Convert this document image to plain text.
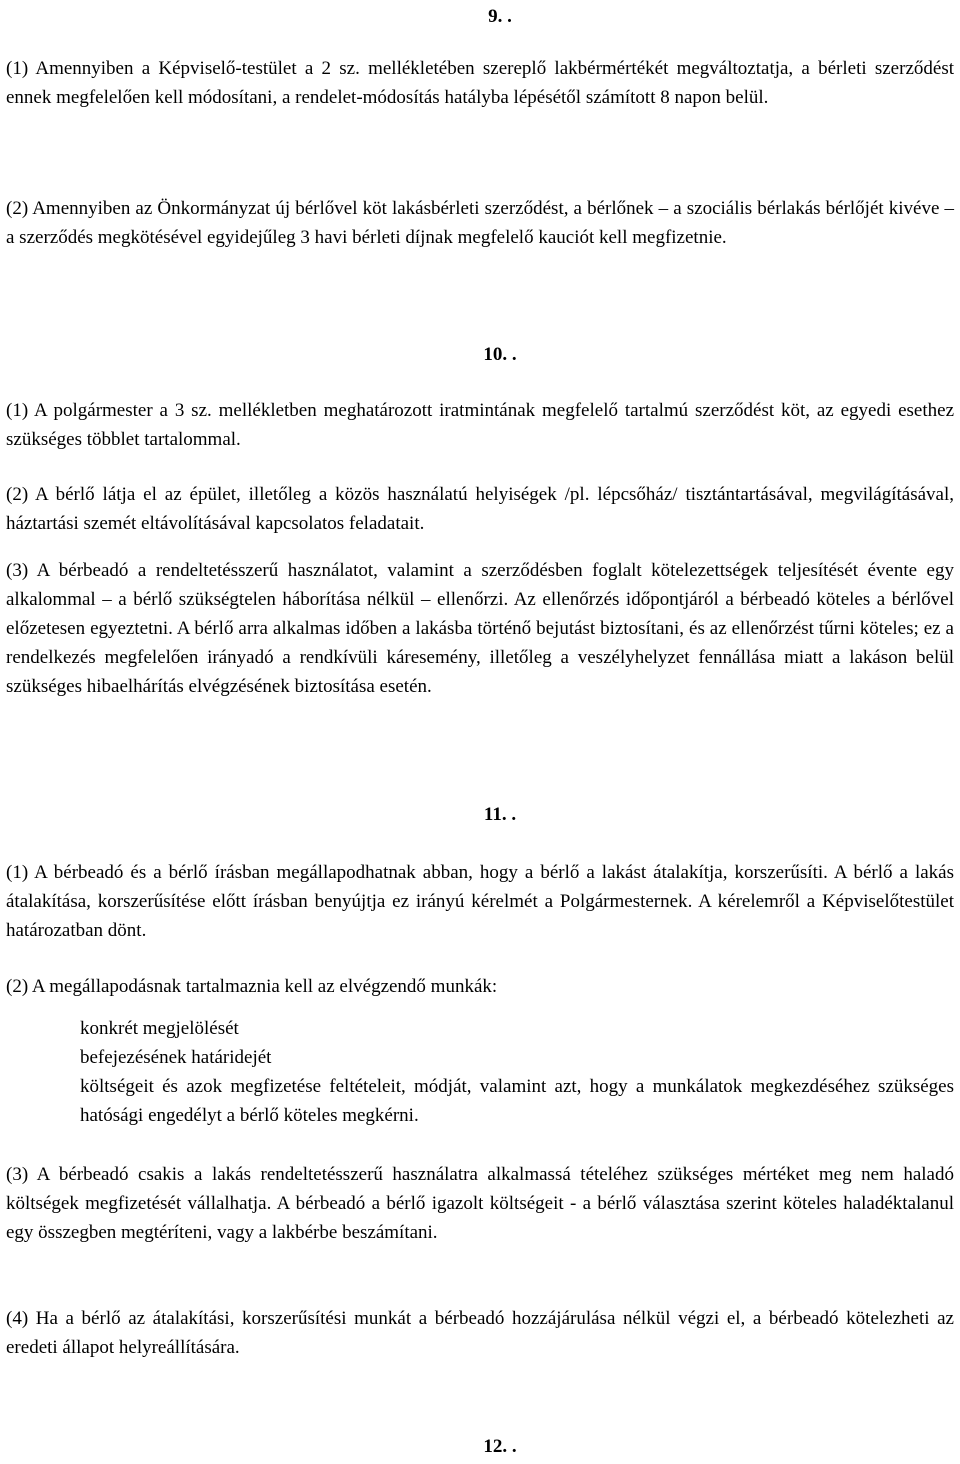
9. .

(1) Amennyiben a Képviselő-testület a 2 sz. mellékletében szereplő lakbérmértékét megváltoztatja, a bérleti szerződést ennek megfelelően kell módosítani, a rendelet-módosítás hatályba lépésétől számított 8 napon belül.

(2) Amennyiben az Önkormányzat új bérlővel köt lakásbérleti szerződést, a bérlőnek – a szociális bérlakás bérlőjét kivéve – a szerződés megkötésével egyidejűleg 3 havi bérleti díjnak megfelelő kauciót kell megfizetnie.

10. .

(1) A polgármester a 3 sz. mellékletben meghatározott iratmintának megfelelő tartalmú szerződést köt, az egyedi esethez szükséges többlet tartalommal.

(2) A bérlő látja el az épület, illetőleg a közös használatú helyiségek /pl. lépcsőház/ tisztántartásával, megvilágításával, háztartási szemét eltávolításával kapcsolatos feladatait.

(3) A bérbeadó a rendeltetésszerű használatot, valamint a szerződésben foglalt kötelezettségek teljesítését évente egy alkalommal – a bérlő szükségtelen háborítása nélkül – ellenőrzi. Az ellenőrzés időpontjáról a bérbeadó köteles a bérlővel előzetesen egyeztetni. A bérlő arra alkalmas időben a lakásba történő bejutást biztosítani, és az ellenőrzést tűrni köteles; ez a rendelkezés megfelelően irányadó a rendkívüli káresemény, illetőleg a veszélyhelyzet fennállása miatt a lakáson belül szükséges hibaelhárítás elvégzésének biztosítása esetén.

11. .

(1) A bérbeadó és a bérlő írásban megállapodhatnak abban, hogy a bérlő a lakást átalakítja, korszerűsíti. A bérlő a lakás átalakítása, korszerűsítése előtt írásban benyújtja ez irányú kérelmét a Polgármesternek. A kérelemről a Képviselőtestület határozatban dönt.

(2) A megállapodásnak tartalmaznia kell az elvégzendő munkák:

konkrét megjelölését

befejezésének határidejét

költségeit és azok megfizetése feltételeit, módját, valamint azt, hogy a munkálatok megkezdéséhez szükséges hatósági engedélyt a bérlő köteles megkérni.

(3) A bérbeadó csakis a lakás rendeltetésszerű használatra alkalmassá tételéhez szükséges mértéket meg nem haladó költségek megfizetését vállalhatja. A bérbeadó a bérlő igazolt költségeit - a bérlő választása szerint köteles haladéktalanul egy összegben megtéríteni, vagy a lakbérbe beszámítani.

(4) Ha a bérlő az átalakítási, korszerűsítési munkát a bérbeadó hozzájárulása nélkül végzi el, a bérbeadó kötelezheti az eredeti állapot helyreállítására.

12. .
